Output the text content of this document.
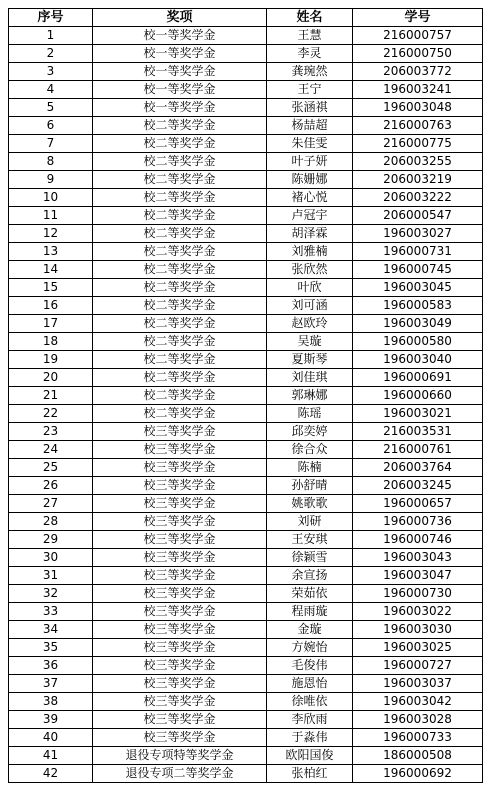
序号	奖项	姓名	学号
1	校一等奖学金	王慧	216000757
2	校一等奖学金	李灵	216000750
3	校一等奖学金	龚琬然	206003772
4	校一等奖学金	王宁	196003241
5	校一等奖学金	张涵祺	196003048
6	校二等奖学金	杨喆超	216000763
7	校二等奖学金	朱佳雯	216000775
8	校二等奖学金	叶子妍	206003255
9	校二等奖学金	陈姗娜	206003219
10	校二等奖学金	褚心悦	206003222
11	校二等奖学金	卢冠宇	206000547
12	校二等奖学金	胡泽霖	196003027
13	校二等奖学金	刘雅楠	196000731
14	校二等奖学金	张欣然	196000745
15	校二等奖学金	叶欣	196003045
16	校二等奖学金	刘可涵	196000583
17	校二等奖学金	赵欧玲	196003049
18	校二等奖学金	吴璇	196000580
19	校二等奖学金	夏斯琴	196003040
20	校二等奖学金	刘佳琪	196000691
21	校二等奖学金	郭琳娜	196000660
22	校二等奖学金	陈瑶	196003021
23	校三等奖学金	邱奕婷	216003531
24	校三等奖学金	徐合众	216000761
25	校三等奖学金	陈楠	206003764
26	校三等奖学金	孙舒晴	206003245
27	校三等奖学金	姚歌歌	196000657
28	校三等奖学金	刘研	196000736
29	校三等奖学金	王安琪	196000746
30	校三等奖学金	徐颖雪	196003043
31	校三等奖学金	余宣扬	196003047
32	校三等奖学金	荣茹依	196000730
33	校三等奖学金	程雨璇	196003022
34	校三等奖学金	金璇	196003030
35	校三等奖学金	方婉怡	196003025
36	校三等奖学金	毛俊伟	196000727
37	校三等奖学金	施恩怡	196003037
38	校三等奖学金	徐唯依	196003042
39	校三等奖学金	李欣雨	196003028
40	校三等奖学金	于淼伟	196000733
41	退役专项特等奖学金	欧阳国俊	186000508
42	退役专项二等奖学金	张柏红	196000692
